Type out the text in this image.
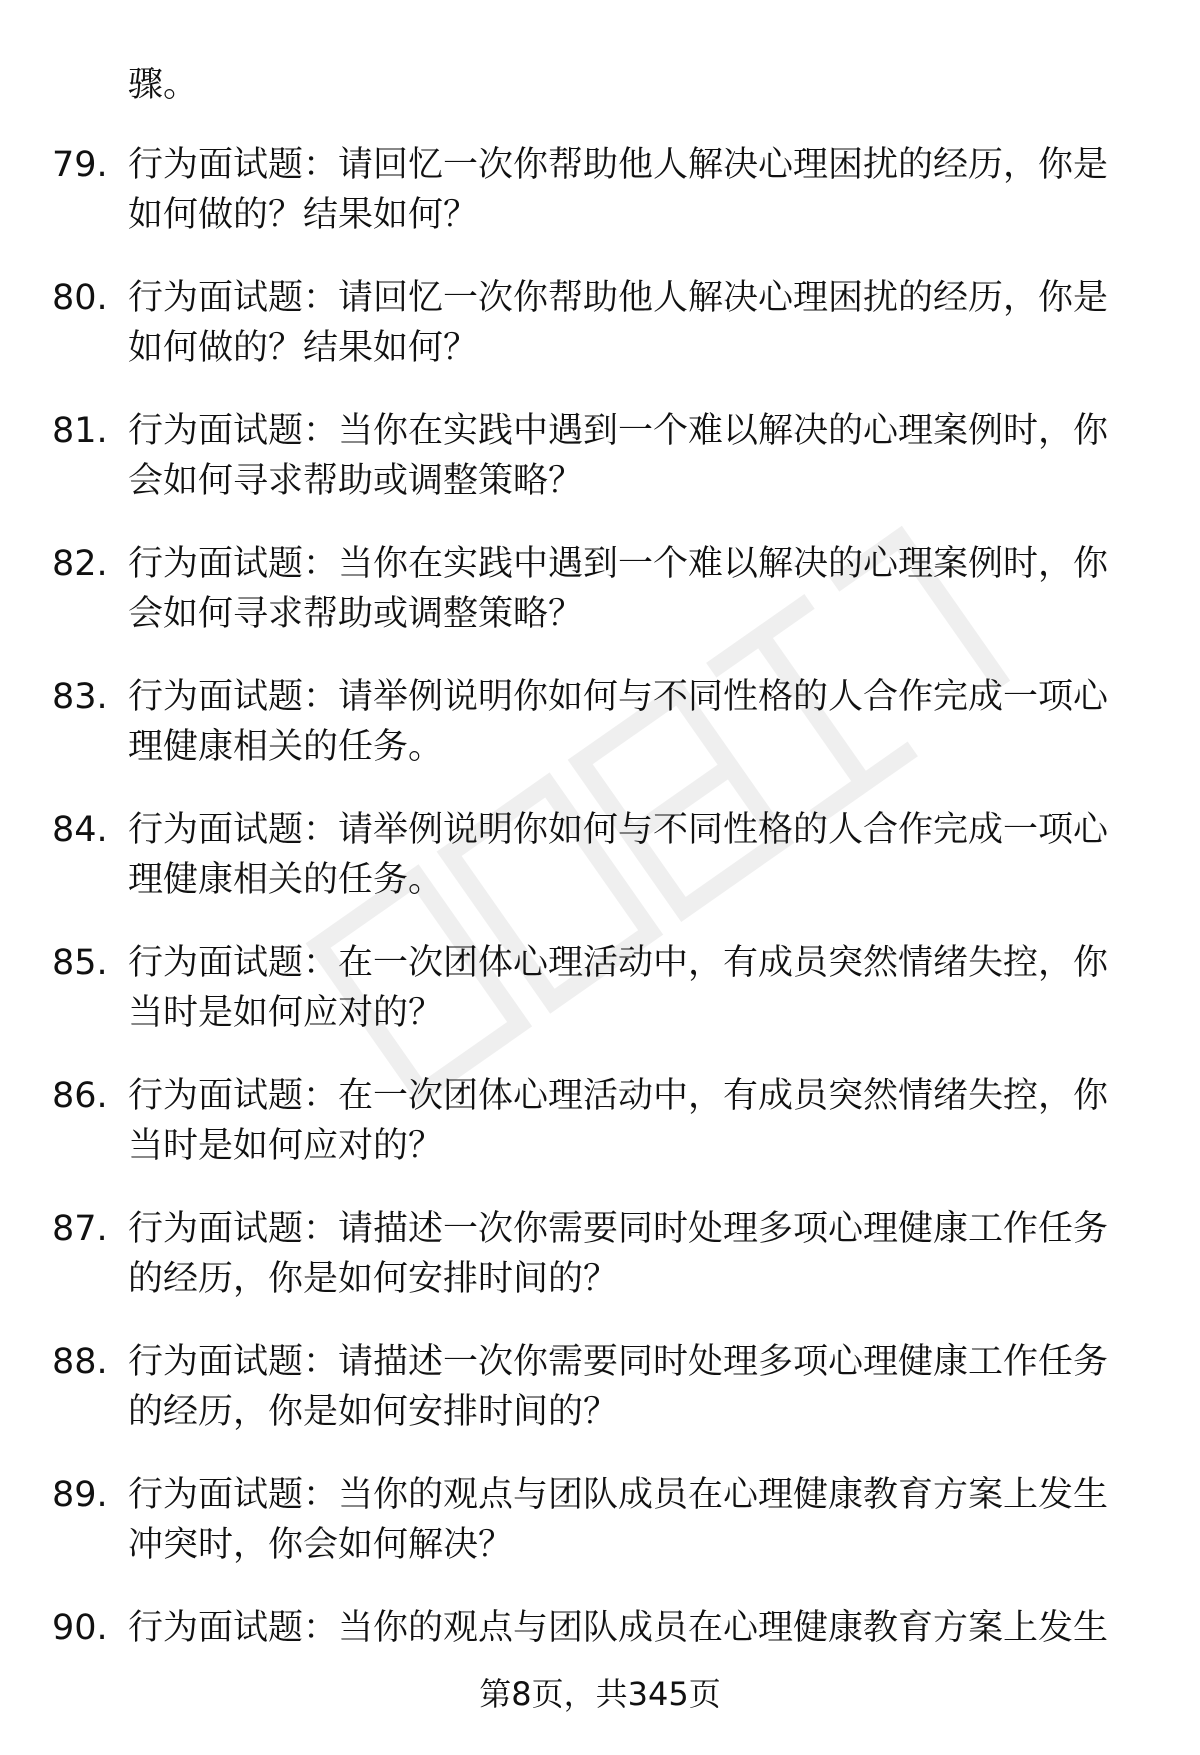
骤。
79. 行为面试题：请回忆一次你帮助他人解决心理困扰的经历，你是
如何做的？结果如何？
80. 行为面试题：请回忆一次你帮助他人解决心理困扰的经历，你是
如何做的？结果如何？
81. 行为面试题：当你在实践中遇到一个难以解决的心理案例时，你
会如何寻求帮助或调整策略？
82. 行为面试题：当你在实践中遇到一个难以解决的心理案例时，你
会如何寻求帮助或调整策略？
83. 行为面试题：请举例说明你如何与不同性格的人合作完成一项心
理健康相关的任务。
84. 行为面试题：请举例说明你如何与不同性格的人合作完成一项心
理健康相关的任务。
85. 行为面试题：在一次团体心理活动中，有成员突然情绪失控，你
当时是如何应对的？
86. 行为面试题：在一次团体心理活动中，有成员突然情绪失控，你
当时是如何应对的？
87. 行为面试题：请描述一次你需要同时处理多项心理健康工作任务
的经历，你是如何安排时间的？
88. 行为面试题：请描述一次你需要同时处理多项心理健康工作任务
的经历，你是如何安排时间的？
89. 行为面试题：当你的观点与团队成员在心理健康教育方案上发生
冲突时，你会如何解决？
90. 行为面试题：当你的观点与团队成员在心理健康教育方案上发生
第8页，共345页
